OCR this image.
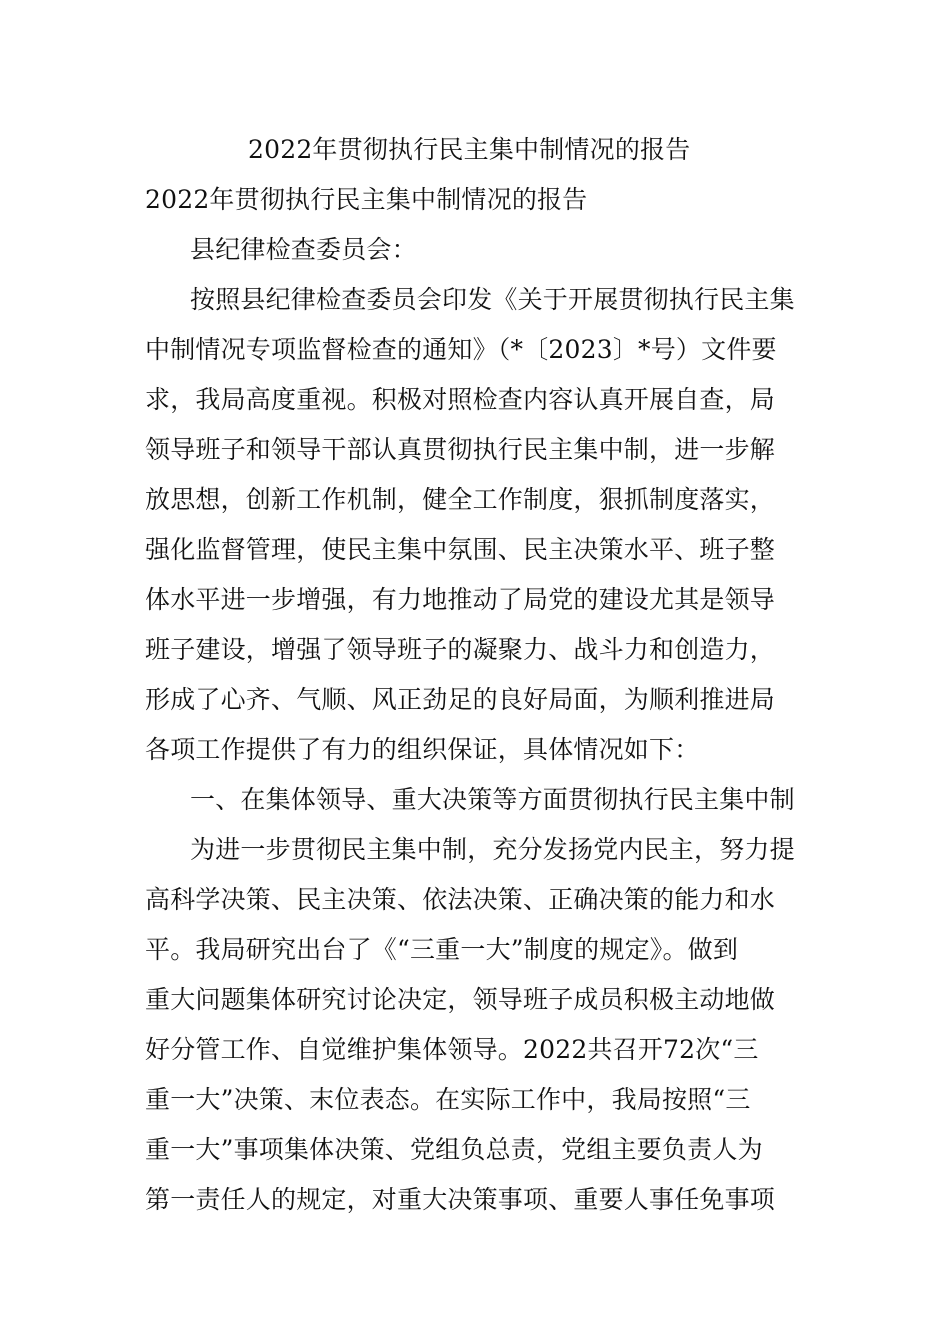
2022年贯彻执行民主集中制情况的报告
2022年贯彻执行民主集中制情况的报告
县纪律检查委员会：
按照县纪律检查委员会印发《关于开展贯彻执行民主集
中制情况专项监督检查的通知》（*〔2023〕*号）文件要
求，我局高度重视。积极对照检查内容认真开展自查，局
领导班子和领导干部认真贯彻执行民主集中制，进一步解
放思想，创新工作机制，健全工作制度，狠抓制度落实，
强化监督管理，使民主集中氛围、民主决策水平、班子整
体水平进一步增强，有力地推动了局党的建设尤其是领导
班子建设，增强了领导班子的凝聚力、战斗力和创造力，
形成了心齐、气顺、风正劲足的良好局面，为顺利推进局
各项工作提供了有力的组织保证，具体情况如下：
一、在集体领导、重大决策等方面贯彻执行民主集中制
为进一步贯彻民主集中制，充分发扬党内民主，努力提
高科学决策、民主决策、依法决策、正确决策的能力和水
平。我局研究出台了《“三重一大”制度的规定》。做到
重大问题集体研究讨论决定，领导班子成员积极主动地做
好分管工作、自觉维护集体领导。2022共召开72次“三
重一大”决策、末位表态。在实际工作中，我局按照“三
重一大”事项集体决策、党组负总责，党组主要负责人为
第一责任人的规定，对重大决策事项、重要人事任免事项
